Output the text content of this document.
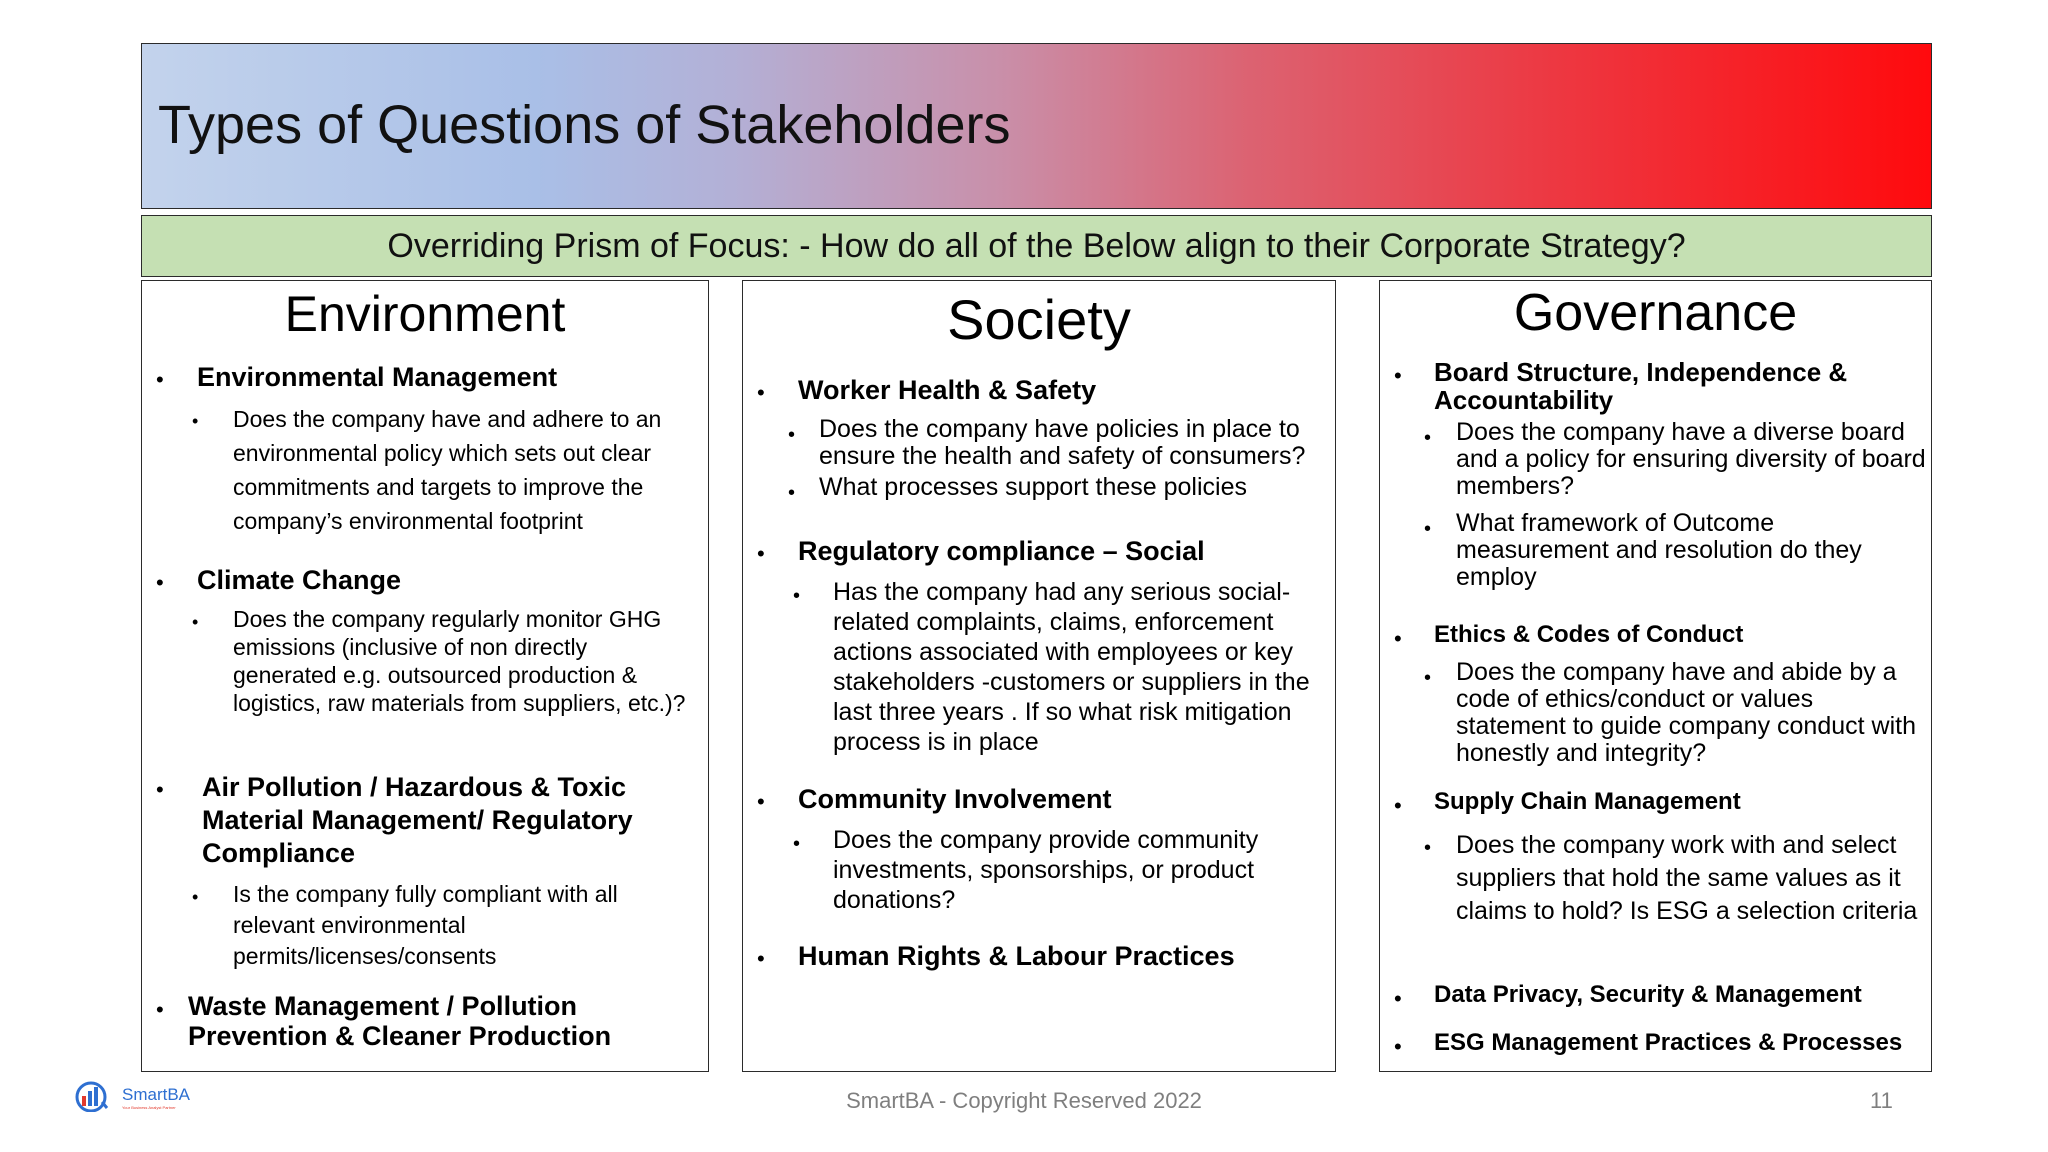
Types of Questions of Stakeholders
Overriding Prism of Focus: - How do all of the Below align to their Corporate Strategy?
Environment
• Environmental Management
• Does the company have and adhere to an environmental policy which sets out clear commitments and targets to improve the company’s environmental footprint
• Climate Change
• Does the company regularly monitor GHG emissions (inclusive of non directly generated e.g. outsourced production & logistics, raw materials from suppliers, etc.)?
• Air Pollution / Hazardous & Toxic Material Management/ Regulatory Compliance
• Is the company fully compliant with all relevant environmental permits/licenses/consents
• Waste Management / Pollution Prevention & Cleaner Production
Society
• Worker Health & Safety
• Does the company have policies in place to ensure the health and safety of consumers?
• What processes support these policies
• Regulatory compliance – Social
• Has the company had any serious social-related complaints, claims, enforcement actions associated with employees or key stakeholders -customers or suppliers in the last three years . If so what risk mitigation process is in place
• Community Involvement
• Does the company provide community investments, sponsorships, or product donations?
• Human Rights & Labour Practices
Governance
• Board Structure, Independence & Accountability
• Does the company have a diverse board and a policy for ensuring diversity of board members?
• What framework of Outcome measurement and resolution do they employ
• Ethics & Codes of Conduct
• Does the company have and abide by a code of ethics/conduct or values statement to guide company conduct with honestly and integrity?
• Supply Chain Management
• Does the company work with and select suppliers that hold the same values as it claims to hold? Is ESG a selection criteria
• Data Privacy, Security & Management
• ESG Management Practices & Processes
SmartBA
Your Business Analyst Partner	SmartBA - Copyright Reserved 2022	11
